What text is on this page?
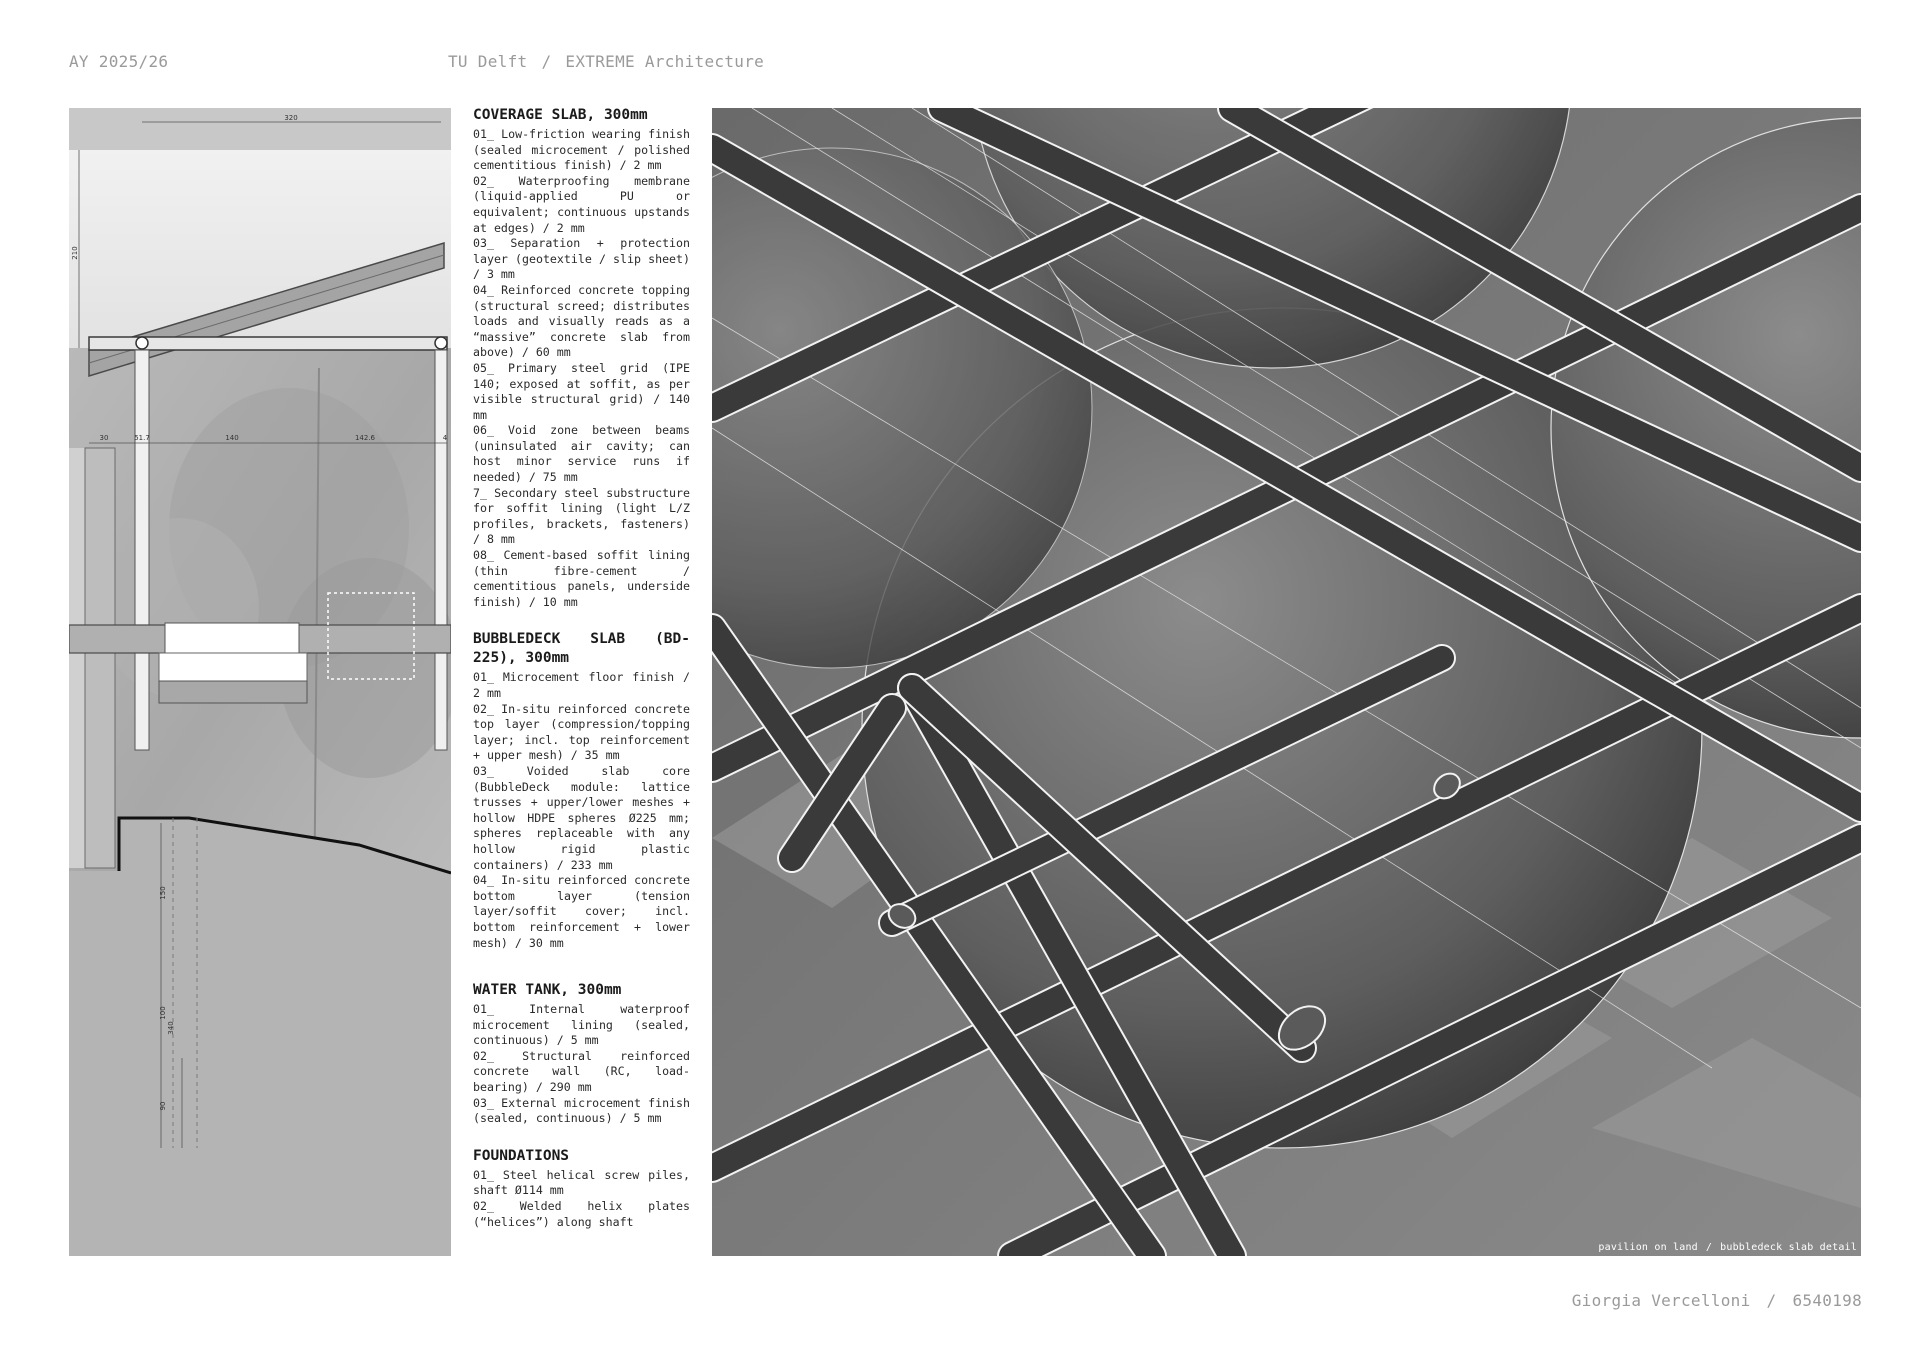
AY 2025/26	TU Delft / EXTREME Architecture
320
210
30	51.7	140	142.6	4
150
100
340
90

COVERAGE SLAB, 300mm

01_ Low-friction wearing finish (sealed microcement / polished cementitious finish) / 2 mm

02_ Waterproofing membrane (liquid-applied PU or equivalent; continuous upstands at edges) / 2 mm

03_ Separation + protection layer (geotextile / slip sheet) / 3 mm

04_ Reinforced concrete topping (structural screed; distributes loads and visually reads as a “massive” concrete slab from above) / 60 mm

05_ Primary steel grid (IPE 140; exposed at soffit, as per visible structural grid) / 140 mm

06_ Void zone between beams (uninsulated air cavity; can host minor service runs if needed) / 75 mm

7_ Secondary steel substructure for soffit lining (light L/Z profiles, brackets, fasteners) / 8 mm

08_ Cement-based soffit lining (thin fibre-cement / cementitious panels, underside finish) / 10 mm

BUBBLEDECK SLAB (BD-225), 300mm

01_ Microcement floor finish / 2 mm

02_ In-situ reinforced concrete top layer (compression/topping layer; incl. top reinforcement + upper mesh) / 35 mm

03_ Voided slab core (BubbleDeck module: lattice trusses + upper/lower meshes + hollow HDPE spheres Ø225 mm; spheres replaceable with any hollow rigid plastic containers) / 233 mm

04_ In-situ reinforced concrete bottom layer (tension layer/soffit cover; incl. bottom reinforcement + lower mesh) / 30 mm

WATER TANK, 300mm

01_ Internal waterproof microcement lining (sealed, continuous) / 5 mm

02_ Structural reinforced concrete wall (RC, load-bearing) / 290 mm

03_ External microcement finish (sealed, continuous) / 5 mm

FOUNDATIONS

01_ Steel helical screw piles, shaft Ø114 mm

02_ Welded helix plates (“helices”) along shaft

pavilion on land / bubbledeck slab detail
Giorgia Vercelloni / 6540198
